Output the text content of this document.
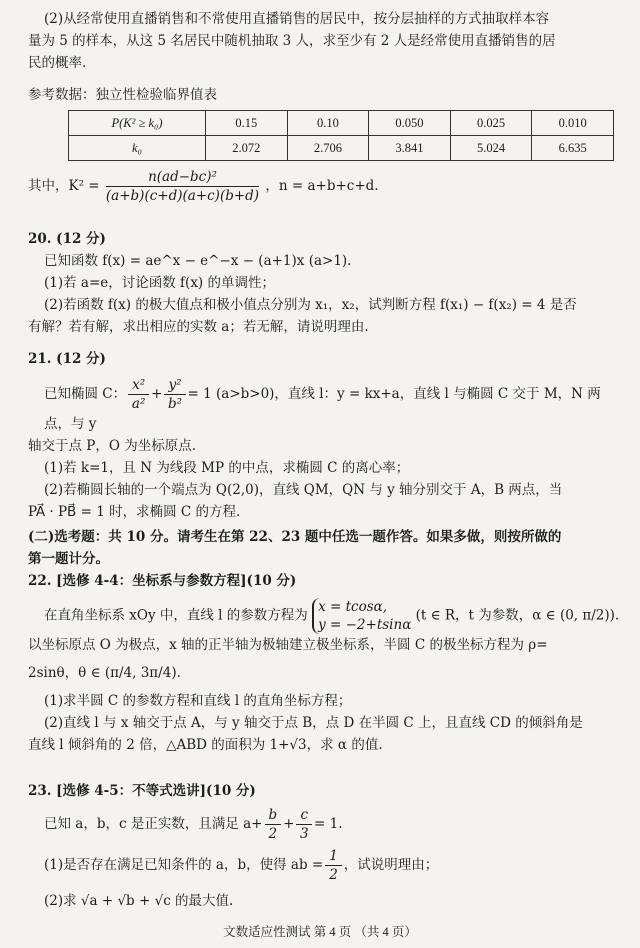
(2)从经常使用直播销售和不常使用直播销售的居民中，按分层抽样的方式抽取样本容
量为 5 的样本，从这 5 名居民中随机抽取 3 人，求至少有 2 人是经常使用直播销售的居
民的概率.
参考数据：独立性检验临界值表
P(K² ≥ k₀)	0.15	0.10	0.050	0.025	0.010
k₀	2.072	2.706	3.841	5.024	6.635
其中，$K^2 = \frac{\text{n(ad−bc)²}}{(a+b)(c+d)(a+c)(b+d)}$ ，n = a+b+c+d.
20. (12 分)
已知函数 f(x) = ae^x − e^−x − (a+1)x (a>1).
(1)若 a=e，讨论函数 f(x) 的单调性；
(2)若函数 f(x) 的极大值点和极小值点分别为 x₁，x₂，试判断方程 f(x₁) − f(x₂) = 4 是否
有解？若有解，求出相应的实数 a；若无解，请说明理由.
21. (12 分)
已知椭圆 C： $\frac{\text{x²}}{\text{a²}} + \frac{\text{y²}}{\text{b²}} = 1$ (a>b>0)，直线 l：y = kx+a，直线 l 与椭圆 C 交于 M，N 两点，与 y
轴交于点 P，O 为坐标原点.
(1)若 k=1，且 N 为线段 MP 的中点，求椭圆 C 的离心率；
(2)若椭圆长轴的一个端点为 Q(2,0)，直线 QM，QN 与 y 轴分别交于 A，B 两点，当
PA⃗ · PB⃗ = 1 时，求椭圆 C 的方程.
(二)选考题：共 10 分。请考生在第 22、23 题中任选一题作答。如果多做，则按所做的
第一题计分。
22. [选修 4-4：坐标系与参数方程](10 分)
在直角坐标系 xOy 中，直线 l 的参数方程为
x = tcosα,
y = −2+tsinα
(t ∈ R，t 为参数，α ∈ (0, π/2)).
以坐标原点 O 为极点，x 轴的正半轴为极轴建立极坐标系，半圆 C 的极坐标方程为 ρ=
2sinθ，θ ∈ (π/4, 3π/4).
(1)求半圆 C 的参数方程和直线 l 的直角坐标方程；
(2)直线 l 与 x 轴交于点 A，与 y 轴交于点 B，点 D 在半圆 C 上，且直线 CD 的倾斜角是
直线 l 倾斜角的 2 倍，△ABD 的面积为 1+√3，求 α 的值.
23. [选修 4-5：不等式选讲](10 分)
已知 a，b，c 是正实数，且满足 $a+ \frac{b}{2} + \frac{c}{3} = 1$.
(1)是否存在满足已知条件的 a，b，使得 ab = $\frac{1}{2}$ ，试说明理由；
(2)求 √a + √b + √c 的最大值.
文数适应性测试 第 4 页 （共 4 页）
